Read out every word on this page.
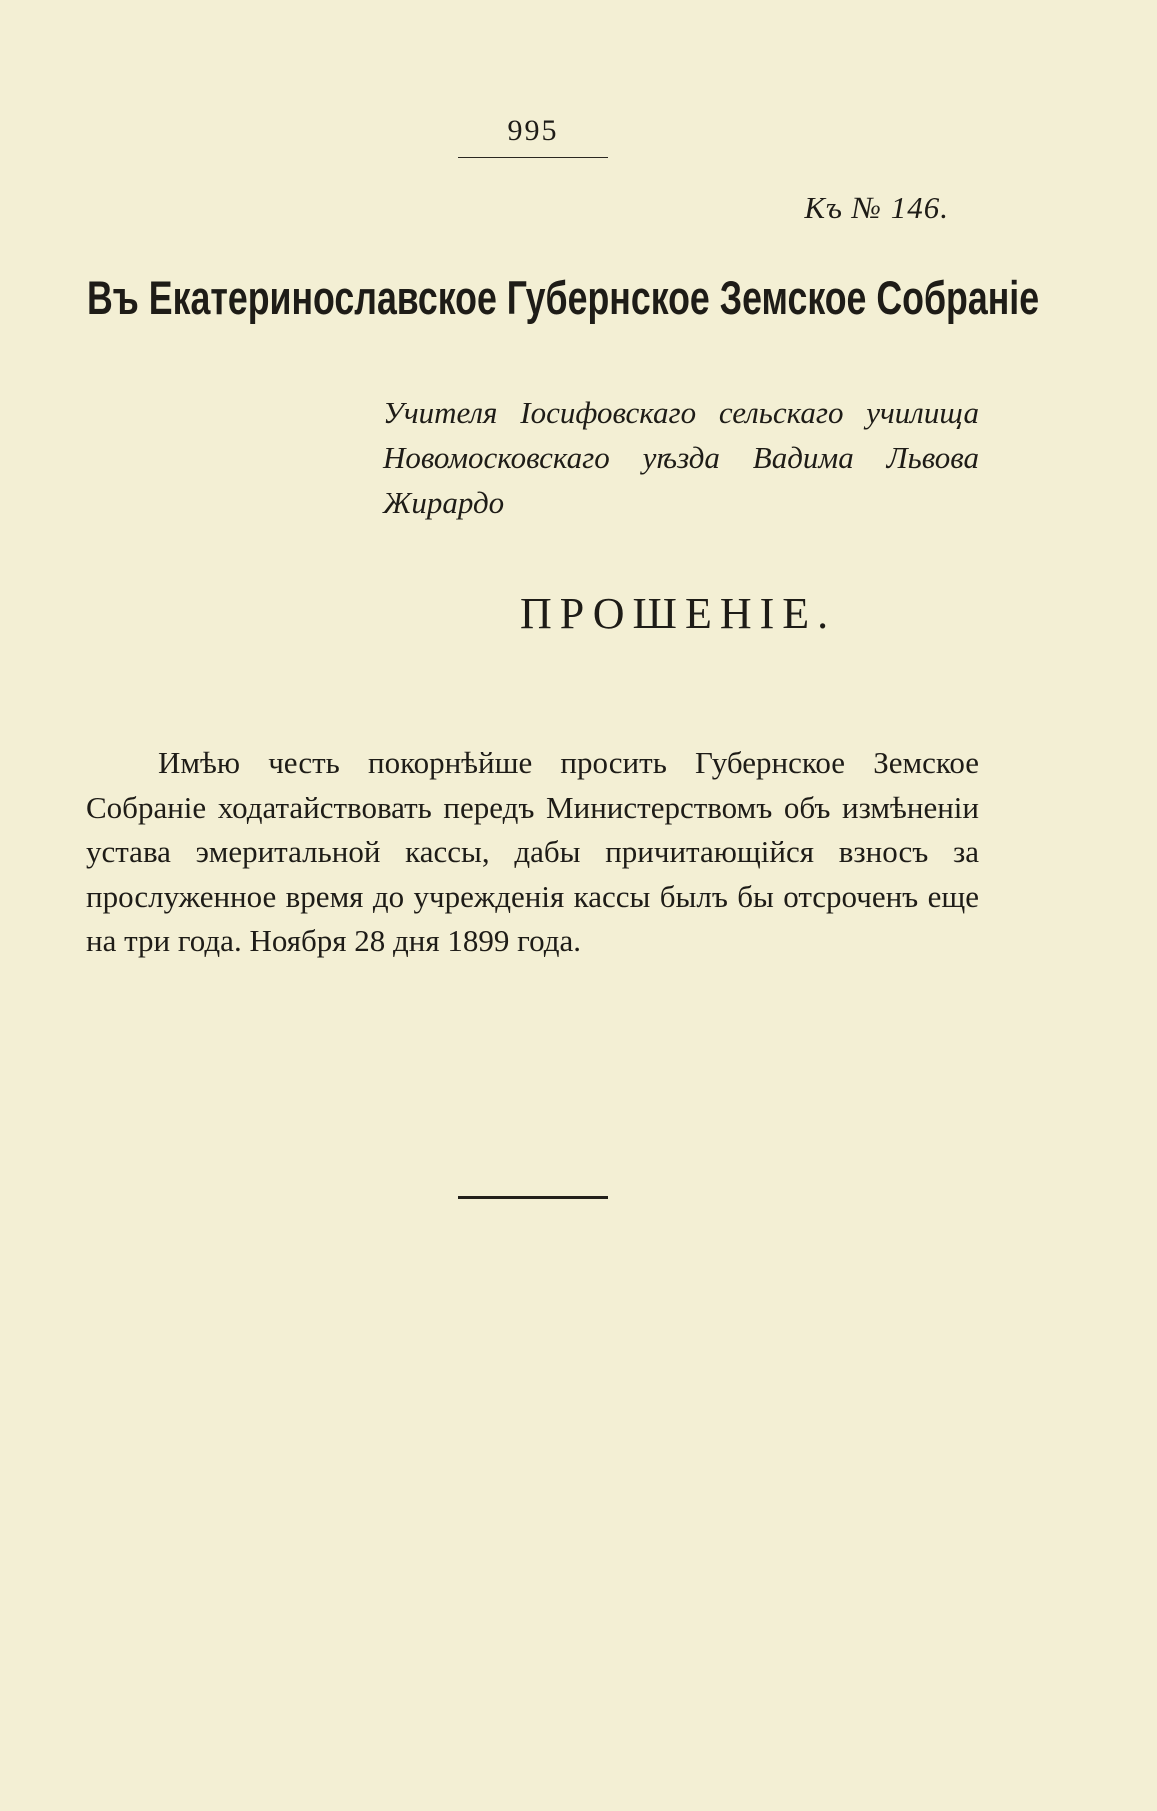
995
Къ № 146.
Въ Екатеринославское Губернское Земское Собраніе
Учителя Іосифовскаго сельскаго училища Новомосковскаго уѣзда Вадима Львова Жирардо
ПРОШЕНІЕ.

Имѣю честь покорнѣйше просить Губернское Земское Собраніе ходатайствовать передъ Министерствомъ объ измѣненіи устава эмеритальной кассы, дабы причитающійся взносъ за прослуженное время до учрежденія кассы былъ бы отсроченъ еще на три года. Ноября 28 дня 1899 года.
